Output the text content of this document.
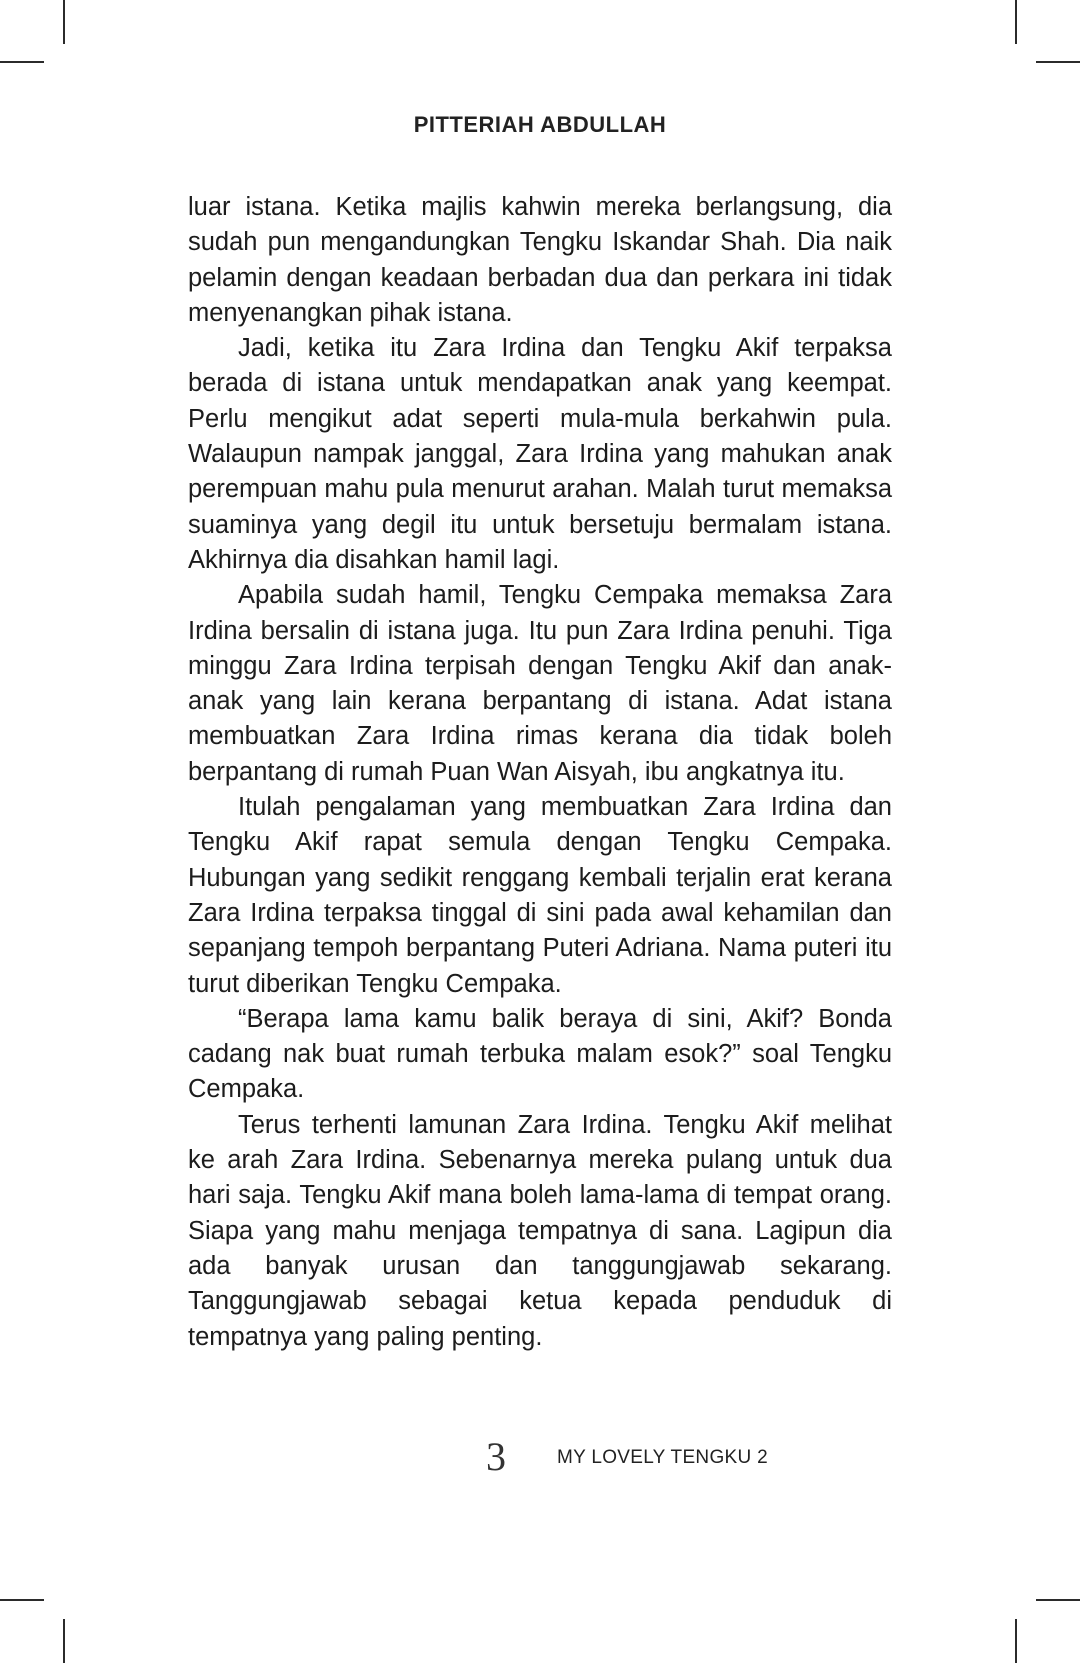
PITTERIAH ABDULLAH

luar istana. Ketika majlis kahwin mereka berlangsung, dia sudah pun mengandungkan Tengku Iskandar Shah. Dia naik pelamin dengan keadaan berbadan dua dan perkara ini tidak menyenangkan pihak istana.

Jadi, ketika itu Zara Irdina dan Tengku Akif terpaksa berada di istana untuk mendapatkan anak yang keempat. Perlu mengikut adat seperti mula-mula berkahwin pula. Walaupun nampak janggal, Zara Irdina yang mahukan anak perempuan mahu pula menurut arahan. Malah turut memaksa suaminya yang degil itu untuk bersetuju bermalam istana. Akhirnya dia disahkan hamil lagi.

Apabila sudah hamil, Tengku Cempaka memaksa Zara Irdina bersalin di istana juga. Itu pun Zara Irdina penuhi. Tiga minggu Zara Irdina terpisah dengan Tengku Akif dan anak-anak yang lain kerana berpantang di istana. Adat istana membuatkan Zara Irdina rimas kerana dia tidak boleh berpantang di rumah Puan Wan Aisyah, ibu angkatnya itu.

Itulah pengalaman yang membuatkan Zara Irdina dan Tengku Akif rapat semula dengan Tengku Cempaka. Hubungan yang sedikit renggang kembali terjalin erat kerana Zara Irdina terpaksa tinggal di sini pada awal kehamilan dan sepanjang tempoh berpantang Puteri Adriana. Nama puteri itu turut diberikan Tengku Cempaka.

“Berapa lama kamu balik beraya di sini, Akif? Bonda cadang nak buat rumah terbuka malam esok?” soal Tengku Cempaka.

Terus terhenti lamunan Zara Irdina. Tengku Akif melihat ke arah Zara Irdina. Sebenarnya mereka pulang untuk dua hari saja. Tengku Akif mana boleh lama-lama di tempat orang. Siapa yang mahu menjaga tempatnya di sana. Lagipun dia ada banyak urusan dan tanggungjawab sekarang. Tanggungjawab sebagai ketua kepada penduduk di tempatnya yang paling penting.

3	MY LOVELY TENGKU 2
